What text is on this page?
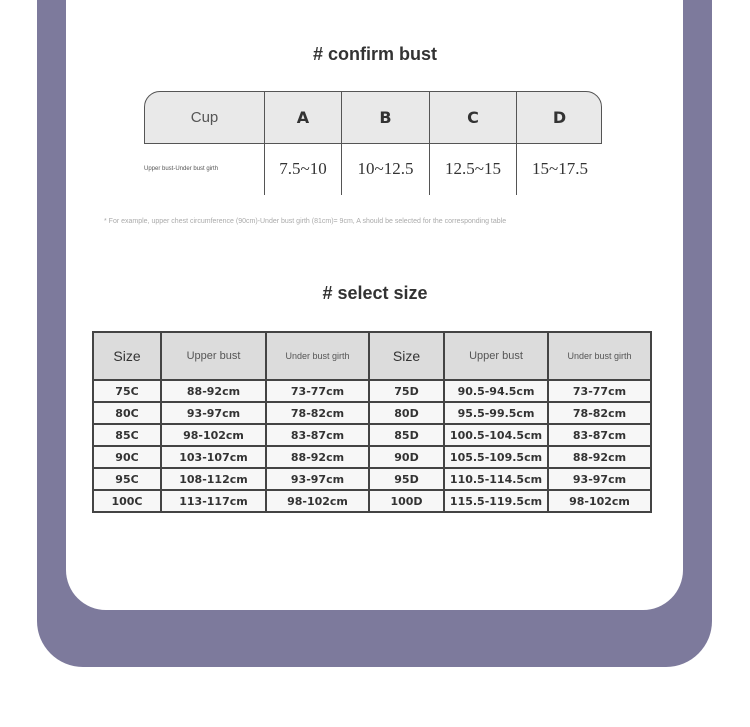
# confirm bust
Cup	A	B	C	D
Upper bust-Under bust girth	7.5~10	10~12.5	12.5~15	15~17.5
* For example, upper chest circumference (90cm)-Under bust girth (81cm)= 9cm, A should be selected for the corresponding table
# select size
Size	Upper bust	Under bust girth	Size	Upper bust	Under bust girth
75C	88-92cm	73-77cm	75D	90.5-94.5cm	73-77cm
80C	93-97cm	78-82cm	80D	95.5-99.5cm	78-82cm
85C	98-102cm	83-87cm	85D	100.5-104.5cm	83-87cm
90C	103-107cm	88-92cm	90D	105.5-109.5cm	88-92cm
95C	108-112cm	93-97cm	95D	110.5-114.5cm	93-97cm
100C	113-117cm	98-102cm	100D	115.5-119.5cm	98-102cm
